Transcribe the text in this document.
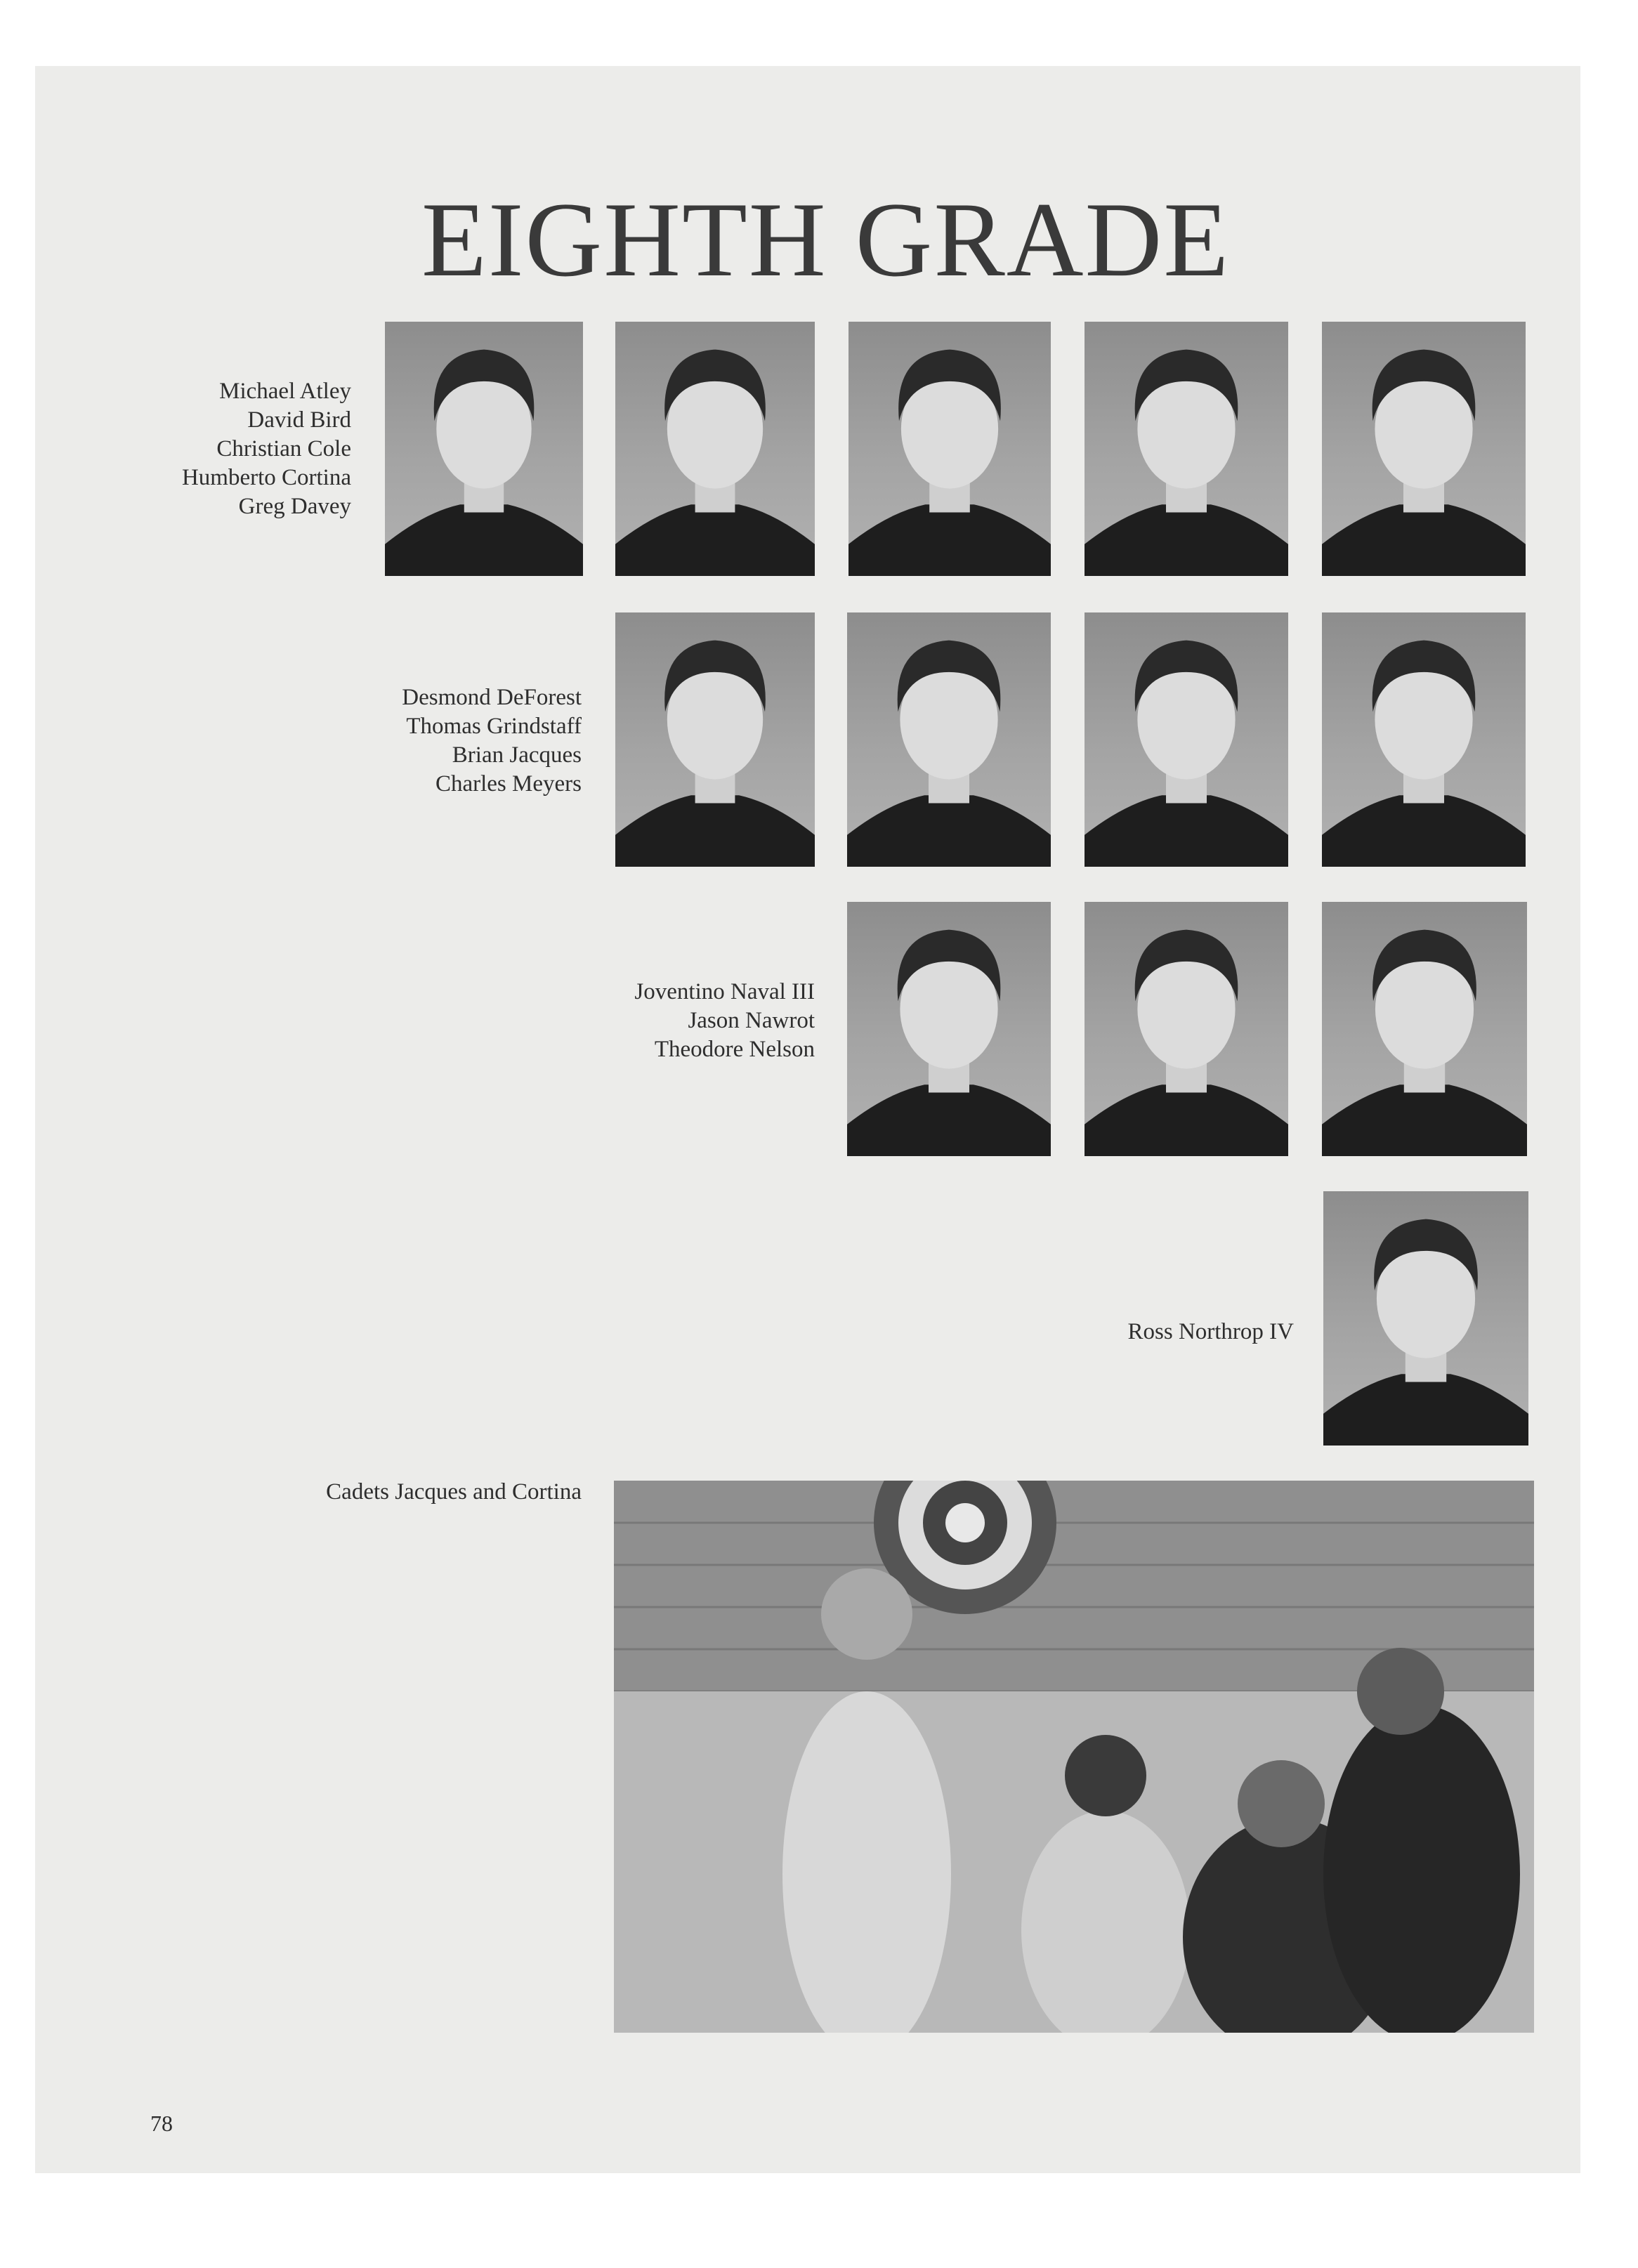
EIGHTH GRADE
Michael Atley
David Bird
Christian Cole
Humberto Cortina
Greg Davey
Desmond DeForest
Thomas Grindstaff
Brian Jacques
Charles Meyers
Joventino Naval III
Jason Nawrot
Theodore Nelson
Ross Northrop IV
Cadets Jacques and Cortina
78
